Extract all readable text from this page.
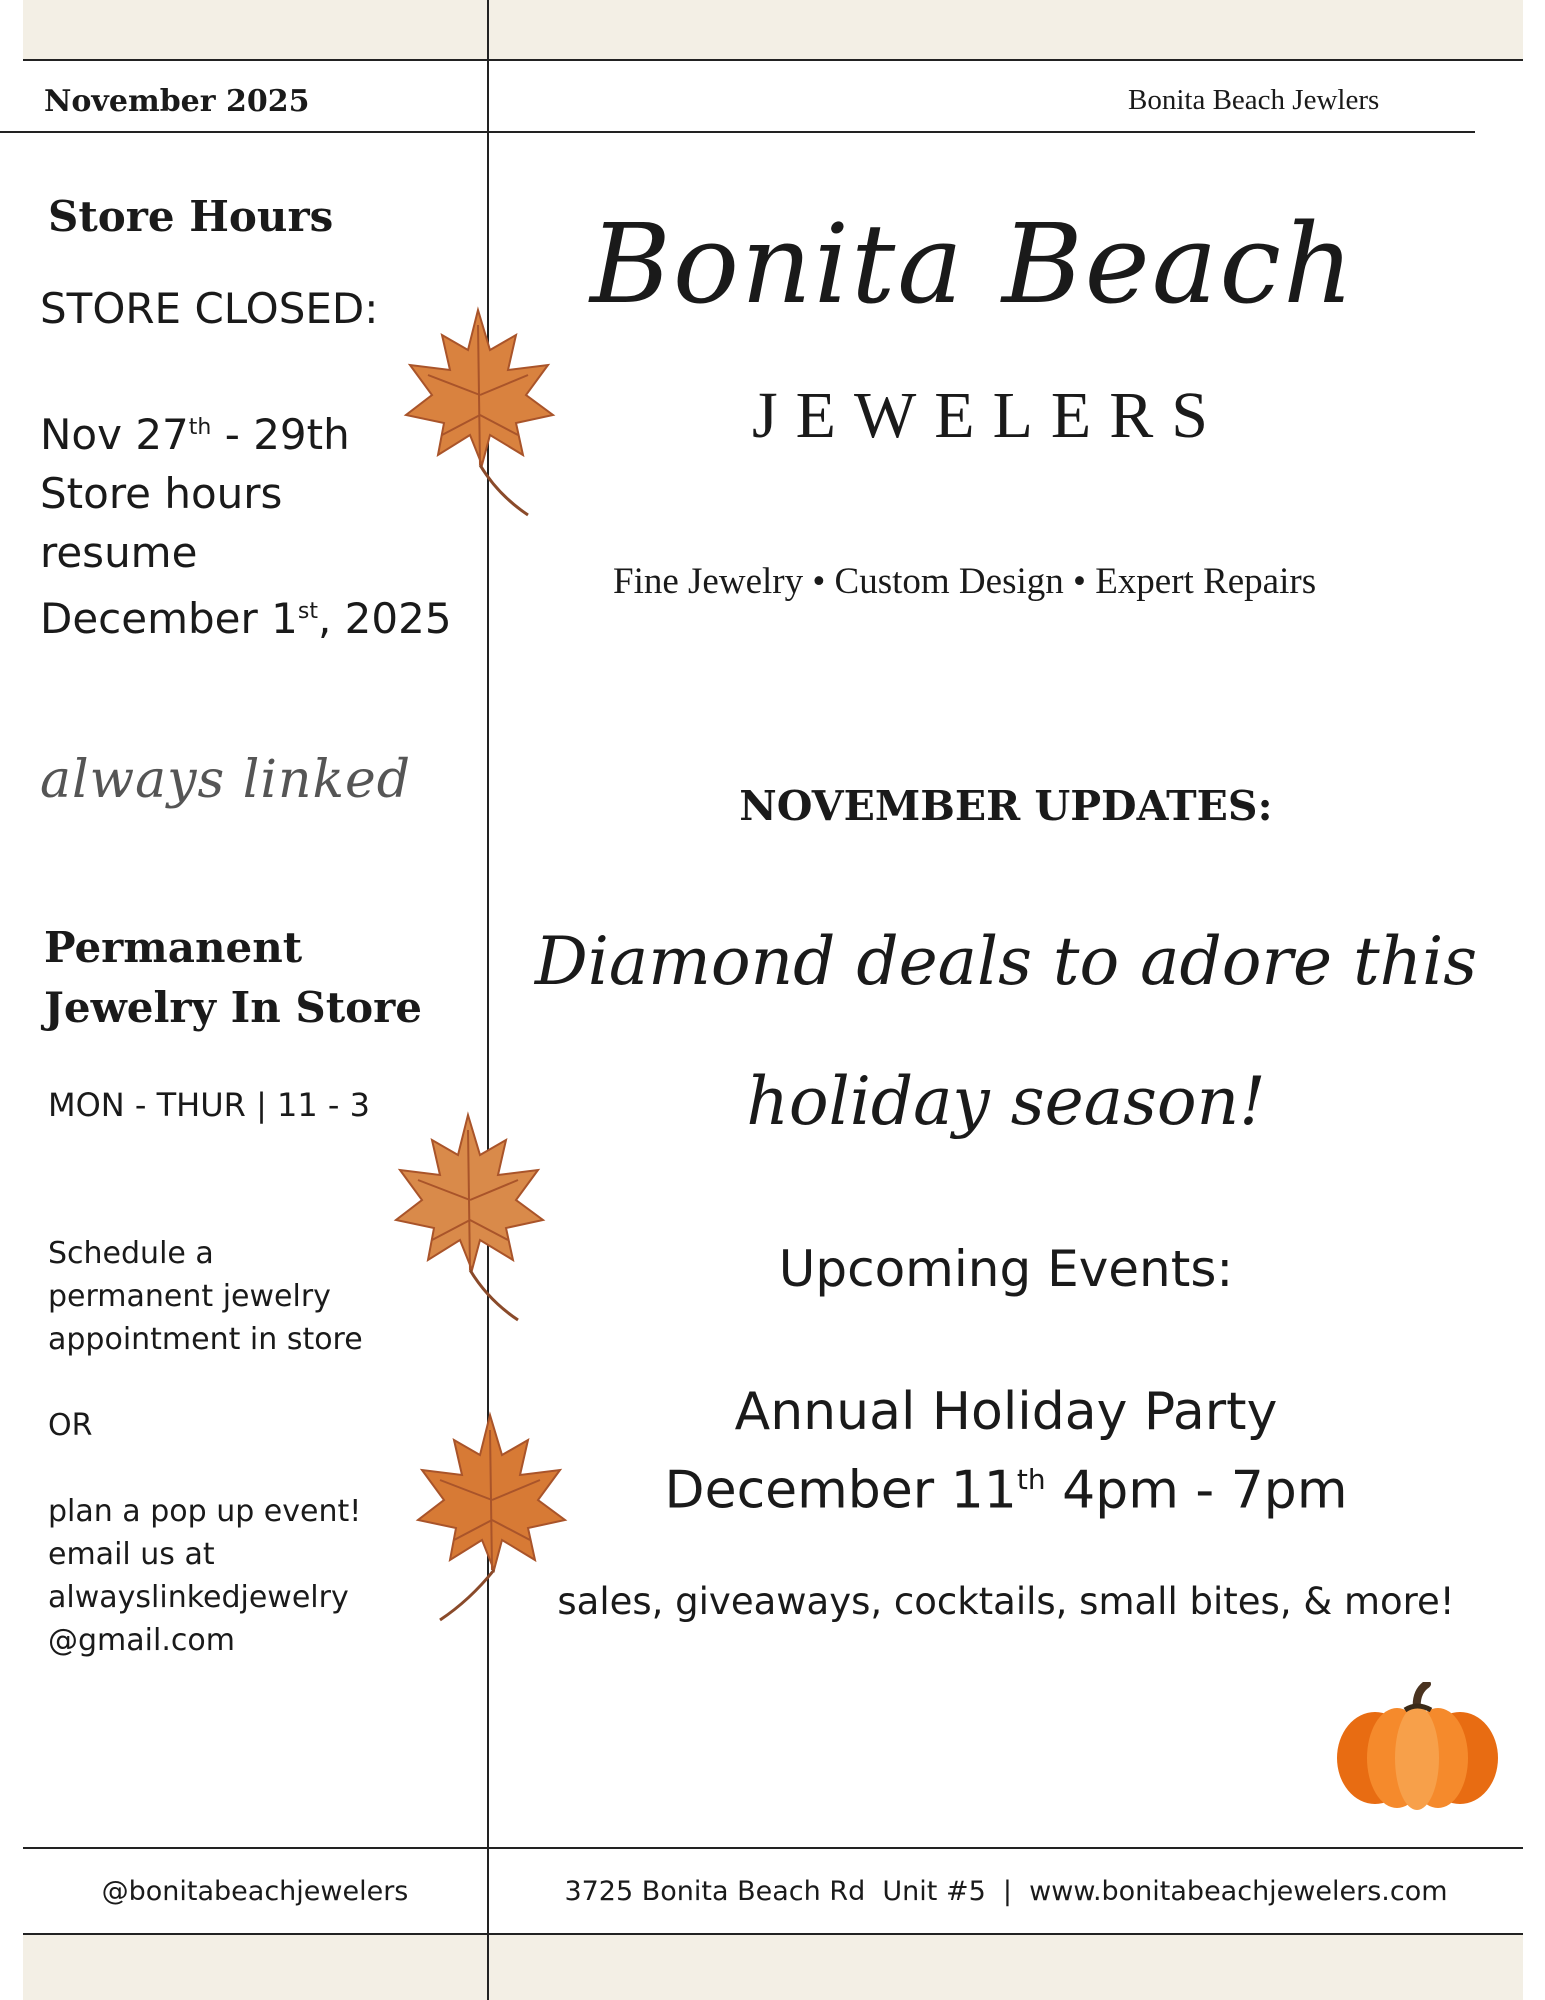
November 2025	Bonita Beach Jewlers
Store Hours
STORE CLOSED:
Nov 27th - 29th
Store hours
resume
December 1st, 2025
always linked
Permanent
Jewelry In Store
MON - THUR | 11 - 3
Schedule a
permanent jewelry
appointment in store

OR

plan a pop up event!
email us at
alwayslinkedjewelry
@gmail.com
Bonita Beach
JEWELERS
Fine Jewelry • Custom Design • Expert Repairs
NOVEMBER UPDATES:
Diamond deals to adore this
holiday season!
Upcoming Events:
Annual Holiday Party
December 11th 4pm - 7pm
sales, giveaways, cocktails, small bites, & more!
@bonitabeachjewelers	3725 Bonita Beach Rd  Unit #5  |  www.bonitabeachjewelers.com
